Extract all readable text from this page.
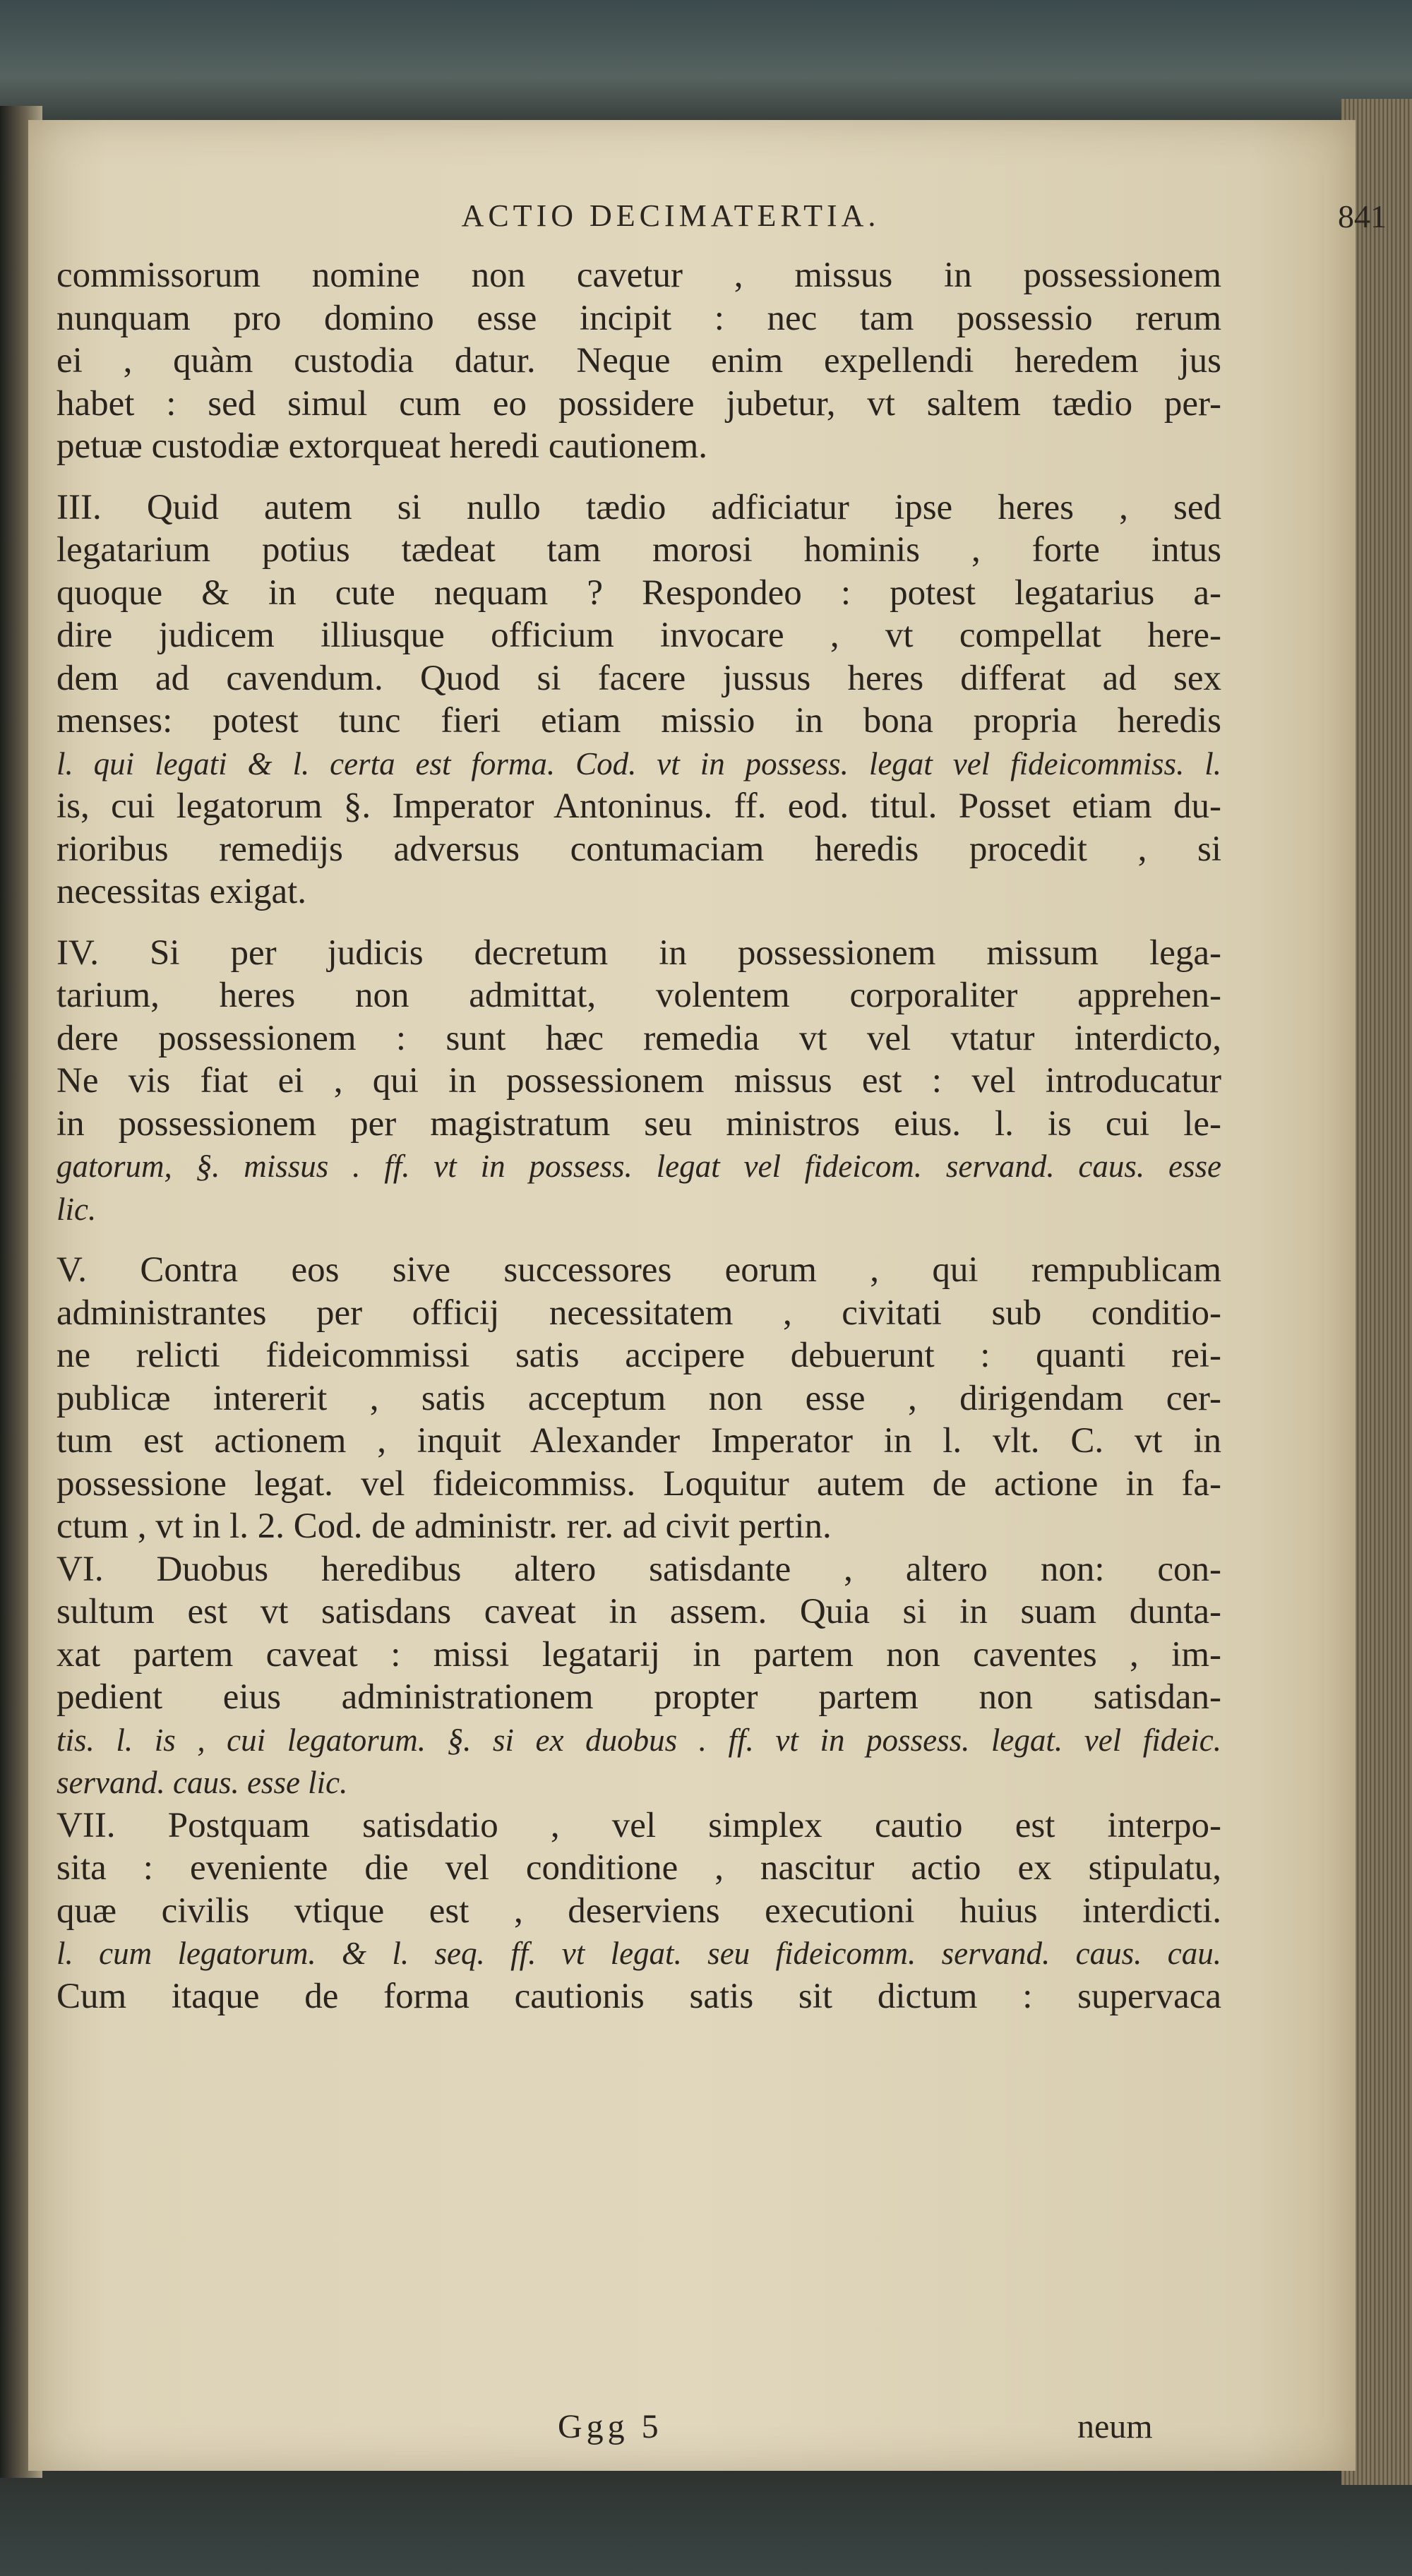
ACTIO DECIMATERTIA.	841
commissorum nomine non cavetur , missus in possessionem
nunquam pro domino esse incipit : nec tam possessio rerum
ei , quàm custodia datur. Neque enim expellendi heredem jus
habet : sed simul cum eo possidere jubetur, vt saltem tædio per-
petuæ custodiæ extorqueat heredi cautionem.
III. Quid autem si nullo tædio adficiatur ipse heres , sed
legatarium potius tædeat tam morosi hominis , forte intus
quoque & in cute nequam ? Respondeo : potest legatarius a-
dire judicem illiusque officium invocare , vt compellat here-
dem ad cavendum. Quod si facere jussus heres differat ad sex
menses: potest tunc fieri etiam missio in bona propria heredis
l. qui legati & l. certa est forma. Cod. vt in possess. legat vel fideicommiss. l.
is, cui legatorum §. Imperator Antoninus. ff. eod. titul. Posset etiam du-
rioribus remedijs adversus contumaciam heredis procedit , si
necessitas exigat.
IV. Si per judicis decretum in possessionem missum lega-
tarium, heres non admittat, volentem corporaliter apprehen-
dere possessionem : sunt hæc remedia vt vel vtatur interdicto,
Ne vis fiat ei , qui in possessionem missus est : vel introducatur
in possessionem per magistratum seu ministros eius. l. is cui le-
gatorum, §. missus . ff. vt in possess. legat vel fideicom. servand. caus. esse
lic.
V. Contra eos sive successores eorum , qui rempublicam
administrantes per officij necessitatem , civitati sub conditio-
ne relicti fideicommissi satis accipere debuerunt : quanti rei-
publicæ intererit , satis acceptum non esse , dirigendam cer-
tum est actionem , inquit Alexander Imperator in l. vlt. C. vt in
possessione legat. vel fideicommiss. Loquitur autem de actione in fa-
ctum , vt in l. 2. Cod. de administr. rer. ad civit pertin.
VI. Duobus heredibus altero satisdante , altero non: con-
sultum est vt satisdans caveat in assem. Quia si in suam dunta-
xat partem caveat : missi legatarij in partem non caventes , im-
pedient eius administrationem propter partem non satisdan-
tis. l. is , cui legatorum. §. si ex duobus . ff. vt in possess. legat. vel fideic.
servand. caus. esse lic.
VII. Postquam satisdatio , vel simplex cautio est interpo-
sita : eveniente die vel conditione , nascitur actio ex stipulatu,
quæ civilis vtique est , deserviens executioni huius interdicti.
l. cum legatorum. & l. seq. ff. vt legat. seu fideicomm. servand. caus. cau.
Cum itaque de forma cautionis satis sit dictum : supervaca
Ggg 5	neum
